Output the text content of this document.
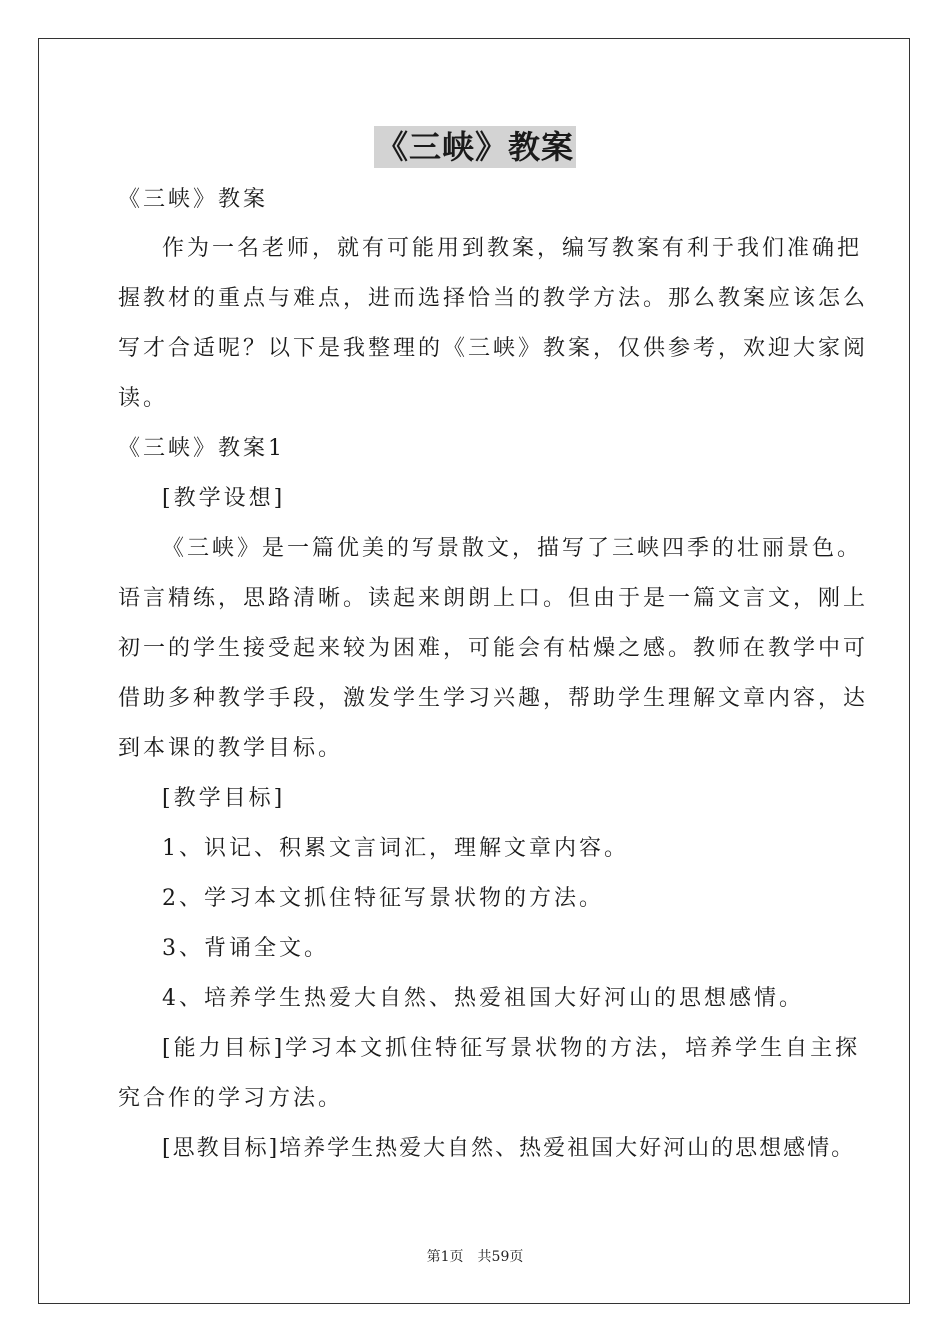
《三峡》教案
《三峡》教案
作为一名老师，就有可能用到教案，编写教案有利于我们准确把
握教材的重点与难点，进而选择恰当的教学方法。那么教案应该怎么
写才合适呢？以下是我整理的《三峡》教案，仅供参考，欢迎大家阅
读。
《三峡》教案1
[教学设想]
《三峡》是一篇优美的写景散文，描写了三峡四季的壮丽景色。
语言精练，思路清晰。读起来朗朗上口。但由于是一篇文言文，刚上
初一的学生接受起来较为困难，可能会有枯燥之感。教师在教学中可
借助多种教学手段，激发学生学习兴趣，帮助学生理解文章内容，达
到本课的教学目标。
[教学目标]
1、识记、积累文言词汇，理解文章内容。
2、学习本文抓住特征写景状物的方法。
3、背诵全文。
4、培养学生热爱大自然、热爱祖国大好河山的思想感情。
[能力目标]学习本文抓住特征写景状物的方法，培养学生自主探
究合作的学习方法。
[思教目标]培养学生热爱大自然、热爱祖国大好河山的思想感情。
第1页 共59页
